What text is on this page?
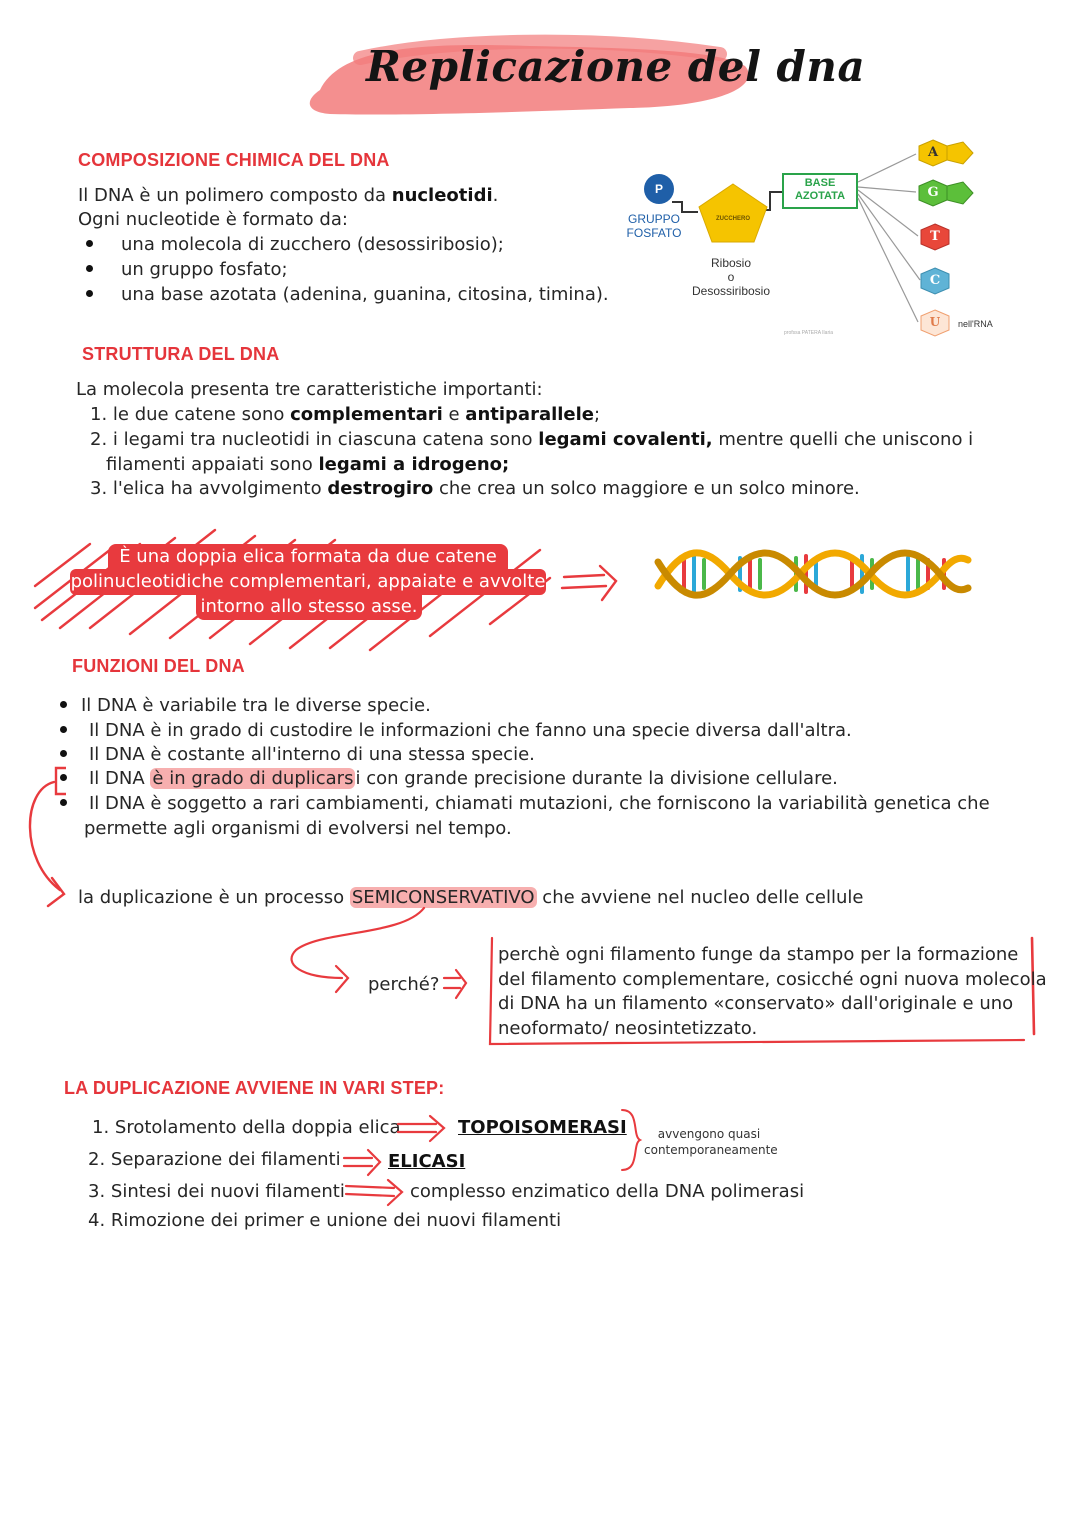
Replicazione del dna
COMPOSIZIONE CHIMICA DEL DNA
Il DNA è un polimero composto da nucleotidi.
Ogni nucleotide è formato da:
una molecola di zucchero (desossiribosio);
un gruppo fosfato;
una base azotata (adenina, guanina, citosina, timina).
P
GRUPPO
FOSFATO
ZUCCHERO
Ribosio
o
Desossiribosio
BASE
AZOTATA
A
G
T
C
U	nell'RNA
profssa PATERA Ilaria
STRUTTURA DEL DNA
La molecola presenta tre caratteristiche importanti:
1. le due catene sono complementari e antiparallele;
2. i legami tra nucleotidi in ciascuna catena sono legami covalenti, mentre quelli che uniscono i
filamenti appaiati sono legami a idrogeno;
3. l'elica ha avvolgimento destrogiro che crea un solco maggiore e un solco minore.
È una doppia elica formata da due catene
polinucleotidiche complementari, appaiate e avvolte
intorno allo stesso asse.
FUNZIONI DEL DNA
Il DNA è variabile tra le diverse specie.
Il DNA è in grado di custodire le informazioni che fanno una specie diversa dall'altra.
Il DNA è costante all'interno di una stessa specie.
Il DNA è in grado di duplicars i con grande precisione durante la divisione cellulare.
Il DNA è soggetto a rari cambiamenti, chiamati mutazioni, che forniscono la variabilità genetica che
permette agli organismi di evolversi nel tempo.
la duplicazione è un processo SEMICONSERVATIVO che avviene nel nucleo delle cellule
perché?
perchè ogni filamento funge da stampo per la formazione
del filamento complementare, cosicché ogni nuova molecola
di DNA ha un filamento «conservato» dall'originale e uno
neoformato/ neosintetizzato.
LA DUPLICAZIONE AVVIENE IN VARI STEP:
1. Srotolamento della doppia elica	TOPOISOMERASI
2. Separazione dei filamenti	ELICASI
avvengono quasi
contemporaneamente
3. Sintesi dei nuovi filamenti	complesso enzimatico della DNA polimerasi
4. Rimozione dei primer e unione dei nuovi filamenti
